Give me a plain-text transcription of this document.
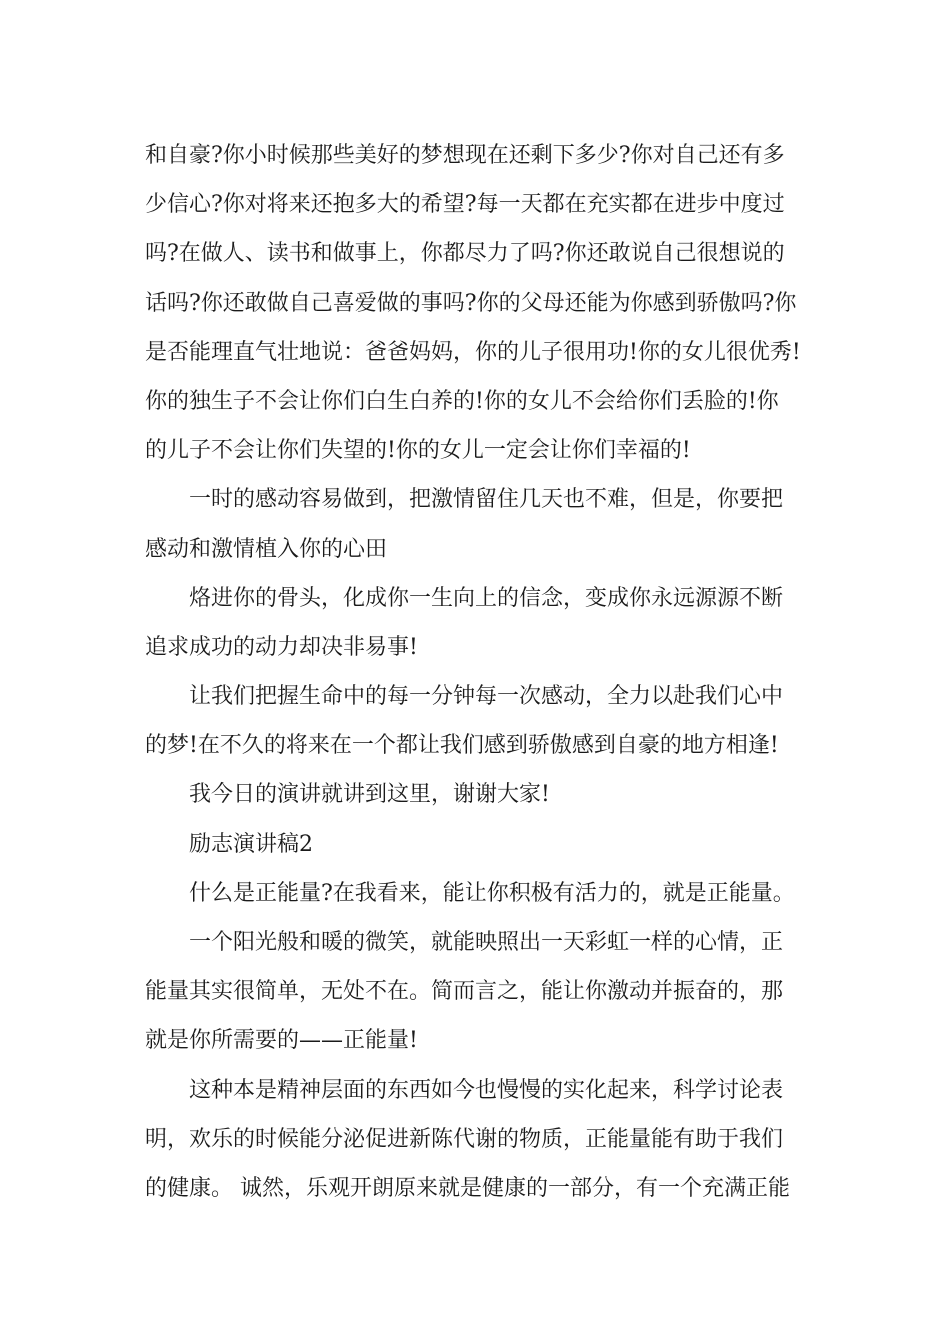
和自豪?你小时候那些美好的梦想现在还剩下多少?你对自己还有多
少信心?你对将来还抱多大的希望?每一天都在充实都在进步中度过
吗?在做人、读书和做事上，你都尽力了吗?你还敢说自己很想说的
话吗?你还敢做自己喜爱做的事吗?你的父母还能为你感到骄傲吗?你
是否能理直气壮地说：爸爸妈妈，你的儿子很用功!你的女儿很优秀!
你的独生子不会让你们白生白养的!你的女儿不会给你们丢脸的!你
的儿子不会让你们失望的!你的女儿一定会让你们幸福的!
一时的感动容易做到，把激情留住几天也不难，但是，你要把
感动和激情植入你的心田
烙进你的骨头，化成你一生向上的信念，变成你永远源源不断
追求成功的动力却决非易事!
让我们把握生命中的每一分钟每一次感动，全力以赴我们心中
的梦!在不久的将来在一个都让我们感到骄傲感到自豪的地方相逢!
我今日的演讲就讲到这里，谢谢大家!
励志演讲稿2
什么是正能量?在我看来，能让你积极有活力的，就是正能量。
一个阳光般和暖的微笑，就能映照出一天彩虹一样的心情，正
能量其实很简单，无处不在。简而言之，能让你激动并振奋的，那
就是你所需要的——正能量!
这种本是精神层面的东西如今也慢慢的实化起来，科学讨论表
明，欢乐的时候能分泌促进新陈代谢的物质，正能量能有助于我们
的健康。 诚然，乐观开朗原来就是健康的一部分，有一个充满正能
